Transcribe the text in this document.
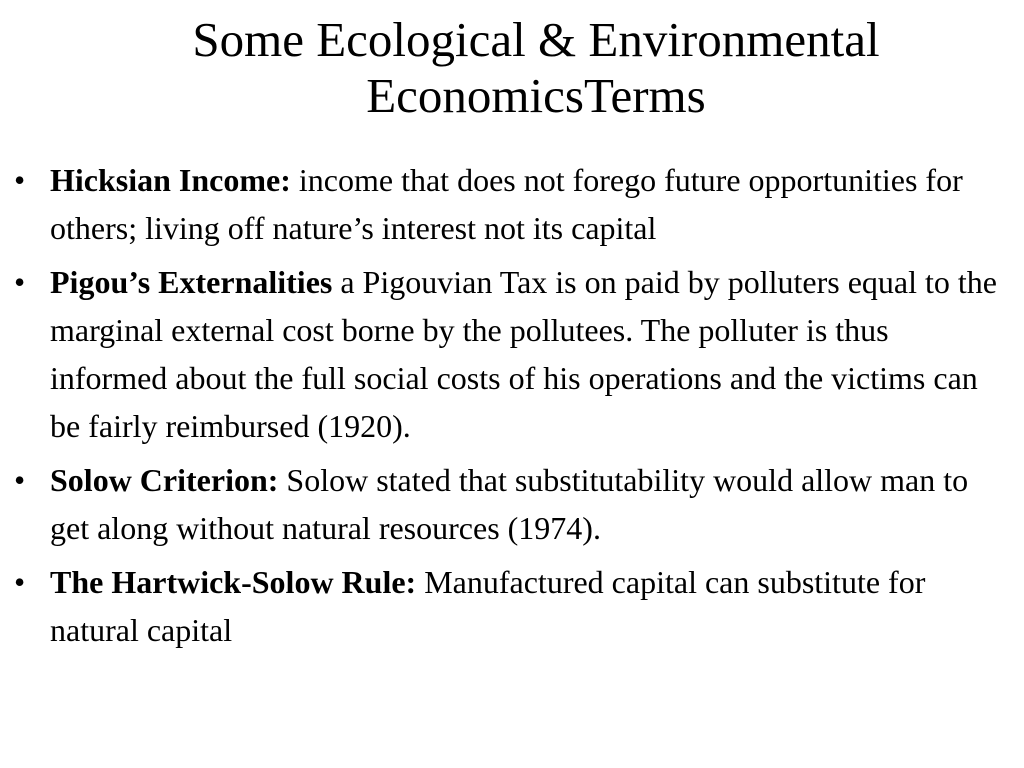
Some Ecological & Environmental
EconomicsTerms
• Hicksian Income: income that does not forego future opportunities for others; living off nature’s interest not its capital
• Pigou’s Externalities a Pigouvian Tax is on paid by polluters equal to the marginal external cost borne by the pollutees. The polluter is thus informed about the full social costs of his operations and the victims can be fairly reimbursed (1920).
• Solow Criterion: Solow stated that substitutability would allow man to get along without natural resources (1974).
• The Hartwick-Solow Rule: Manufactured capital can substitute for natural capital
